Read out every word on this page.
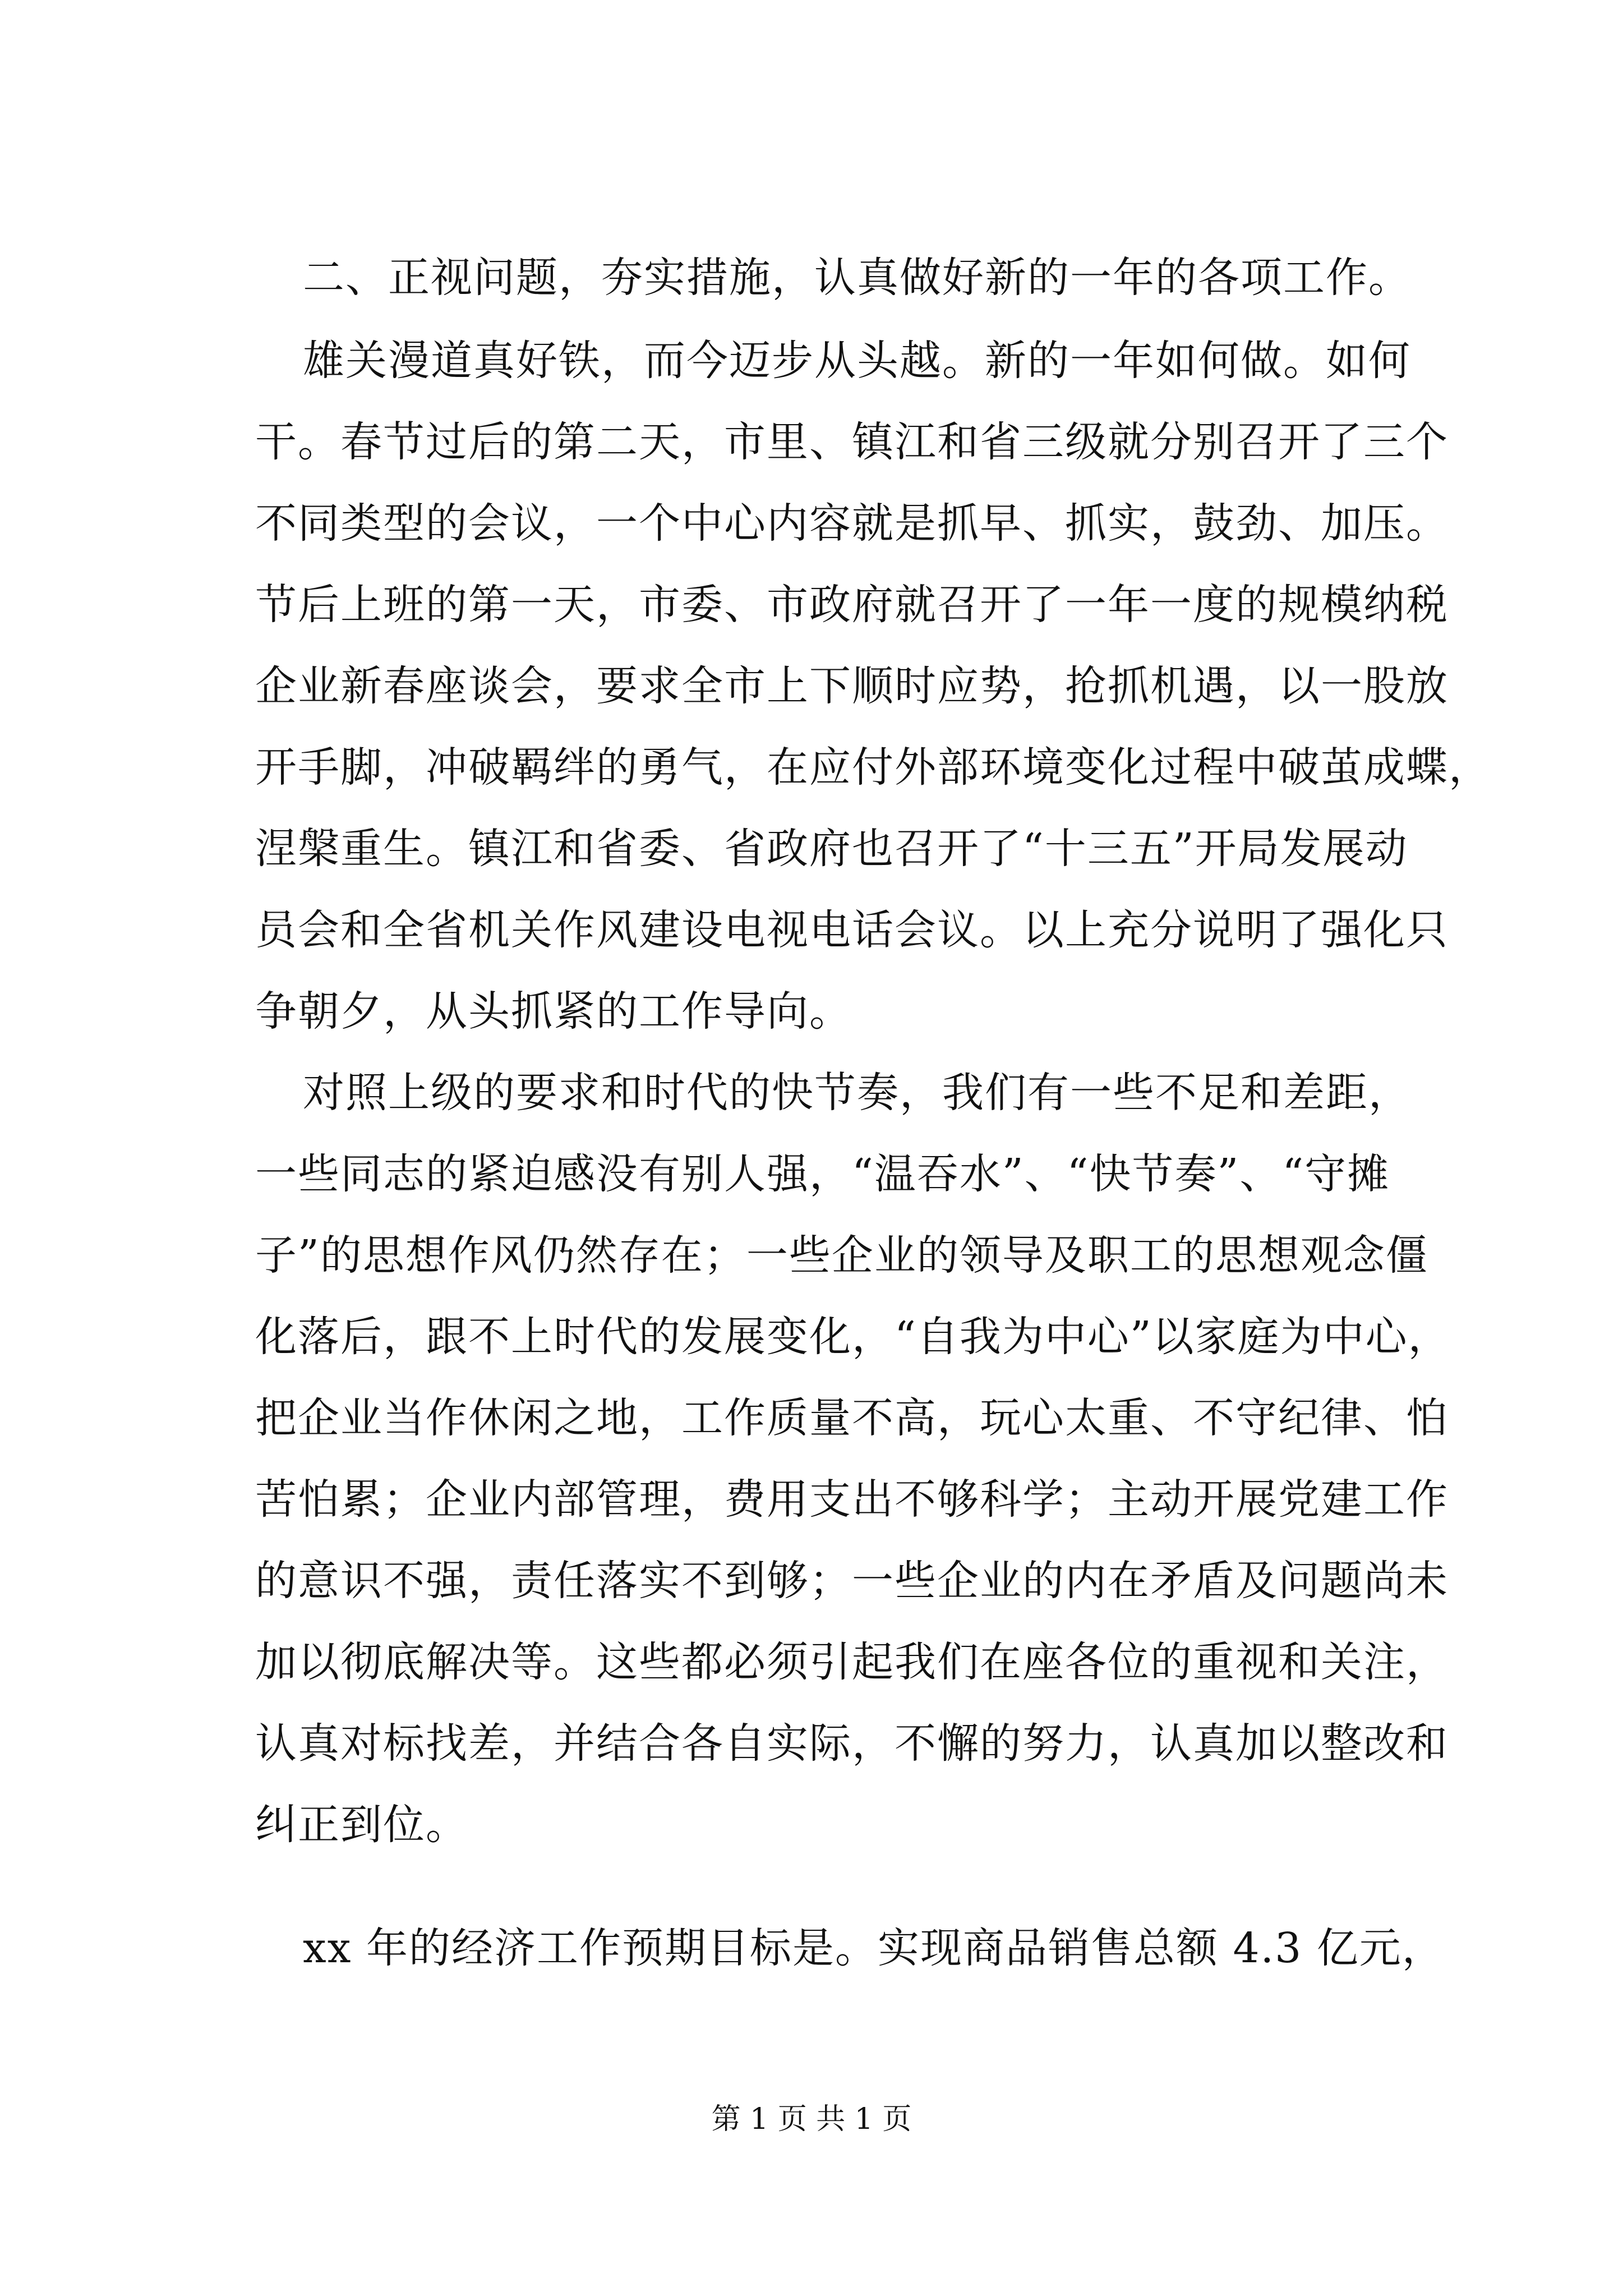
二、正视问题，夯实措施，认真做好新的一年的各项工作。
雄关漫道真好铁，而今迈步从头越。新的一年如何做。如何
干。春节过后的第二天，市里、镇江和省三级就分别召开了三个
不同类型的会议，一个中心内容就是抓早、抓实，鼓劲、加压。
节后上班的第一天，市委、市政府就召开了一年一度的规模纳税
企业新春座谈会，要求全市上下顺时应势，抢抓机遇，以一股放
开手脚，冲破羁绊的勇气，在应付外部环境变化过程中破茧成蝶，
涅槃重生。镇江和省委、省政府也召开了“十三五”开局发展动
员会和全省机关作风建设电视电话会议。以上充分说明了强化只
争朝夕，从头抓紧的工作导向。
对照上级的要求和时代的快节奏，我们有一些不足和差距，
一些同志的紧迫感没有别人强，“温吞水”、“快节奏”、“守摊
子”的思想作风仍然存在；一些企业的领导及职工的思想观念僵
化落后，跟不上时代的发展变化，“自我为中心”以家庭为中心，
把企业当作休闲之地，工作质量不高，玩心太重、不守纪律、怕
苦怕累；企业内部管理，费用支出不够科学；主动开展党建工作
的意识不强，责任落实不到够；一些企业的内在矛盾及问题尚未
加以彻底解决等。这些都必须引起我们在座各位的重视和关注，
认真对标找差，并结合各自实际，不懈的努力，认真加以整改和
纠正到位。
xx 年的经济工作预期目标是。实现商品销售总额 4.3 亿元，
第 1 页 共 1 页
